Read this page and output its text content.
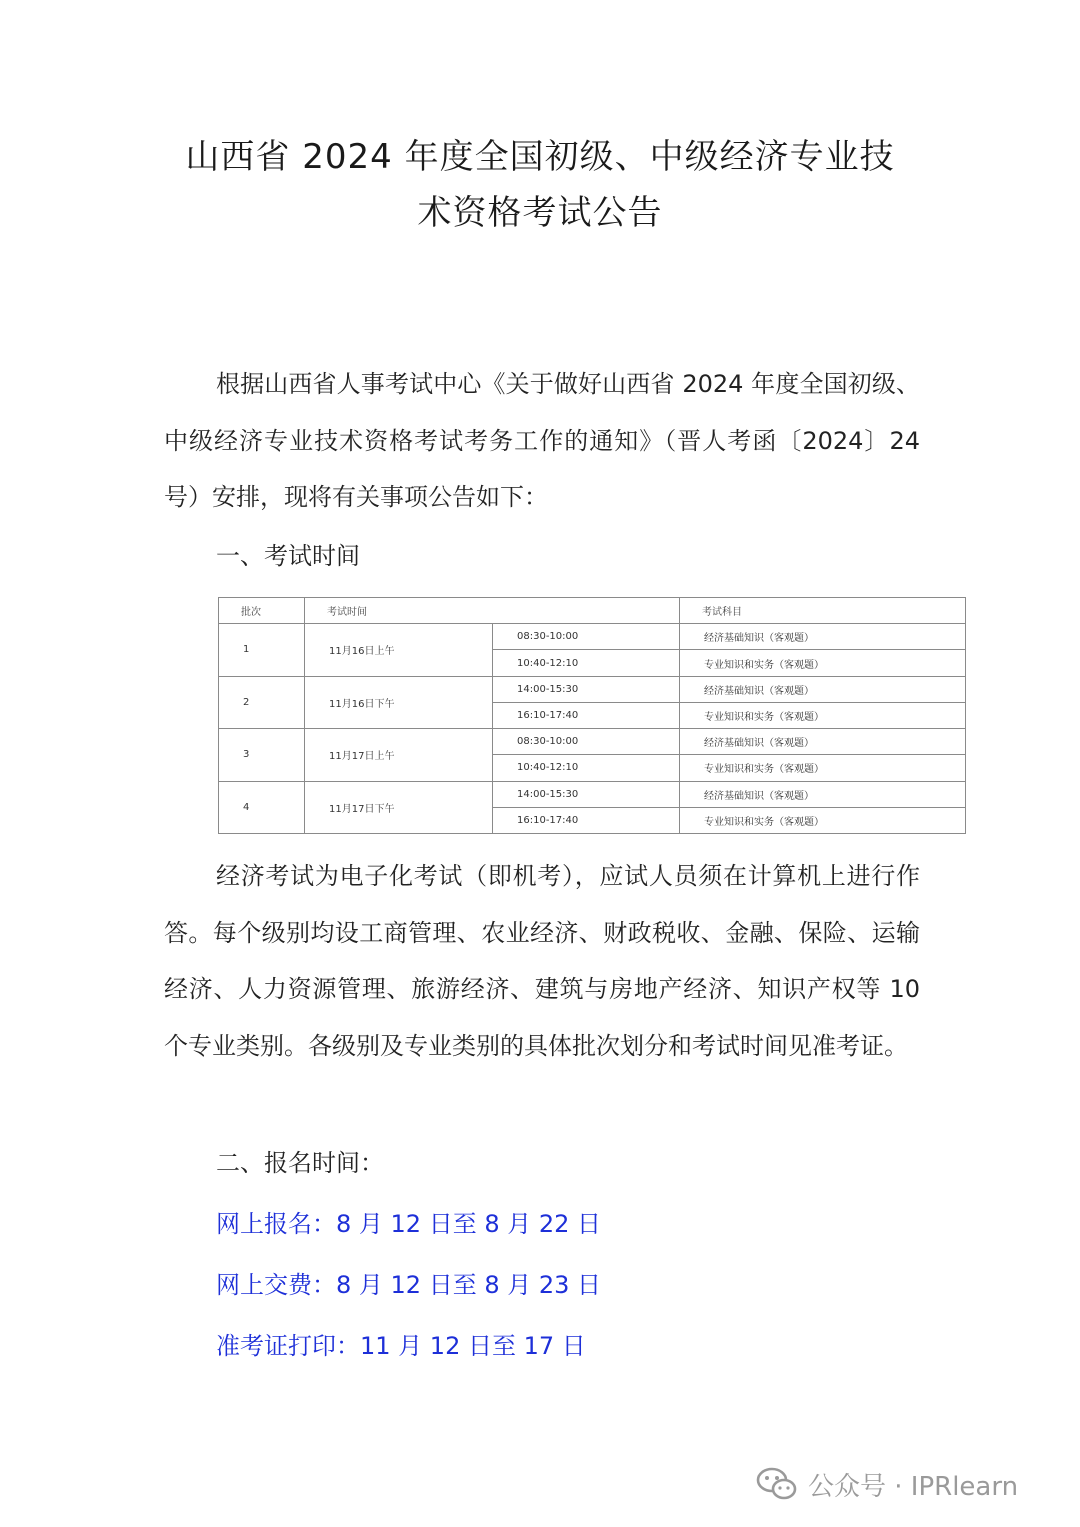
山西省 2024 年度全国初级、中级经济专业技
术资格考试公告

根据山西省人事考试中心《关于做好山西省 2024 年度全国初级、中级经济专业技术资格考试考务工作的通知》（晋人考函〔2024〕24号）安排，现将有关事项公告如下：

一、考试时间
批次	考试时间		考试科目
1	11月16日上午	08:30-10:00	经济基础知识（客观题）
		10:40-12:10	专业知识和实务（客观题）
2	11月16日下午	14:00-15:30	经济基础知识（客观题）
		16:10-17:40	专业知识和实务（客观题）
3	11月17日上午	08:30-10:00	经济基础知识（客观题）
		10:40-12:10	专业知识和实务（客观题）
4	11月17日下午	14:00-15:30	经济基础知识（客观题）
		16:10-17:40	专业知识和实务（客观题）

经济考试为电子化考试（即机考），应试人员须在计算机上进行作答。每个级别均设工商管理、农业经济、财政税收、金融、保险、运输经济、人力资源管理、旅游经济、建筑与房地产经济、知识产权等 10 个专业类别。各级别及专业类别的具体批次划分和考试时间见准考证。

二、报名时间：
网上报名：8 月 12 日至 8 月 22 日
网上交费：8 月 12 日至 8 月 23 日
准考证打印：11 月 12 日至 17 日
公众号 · IPRlearn
